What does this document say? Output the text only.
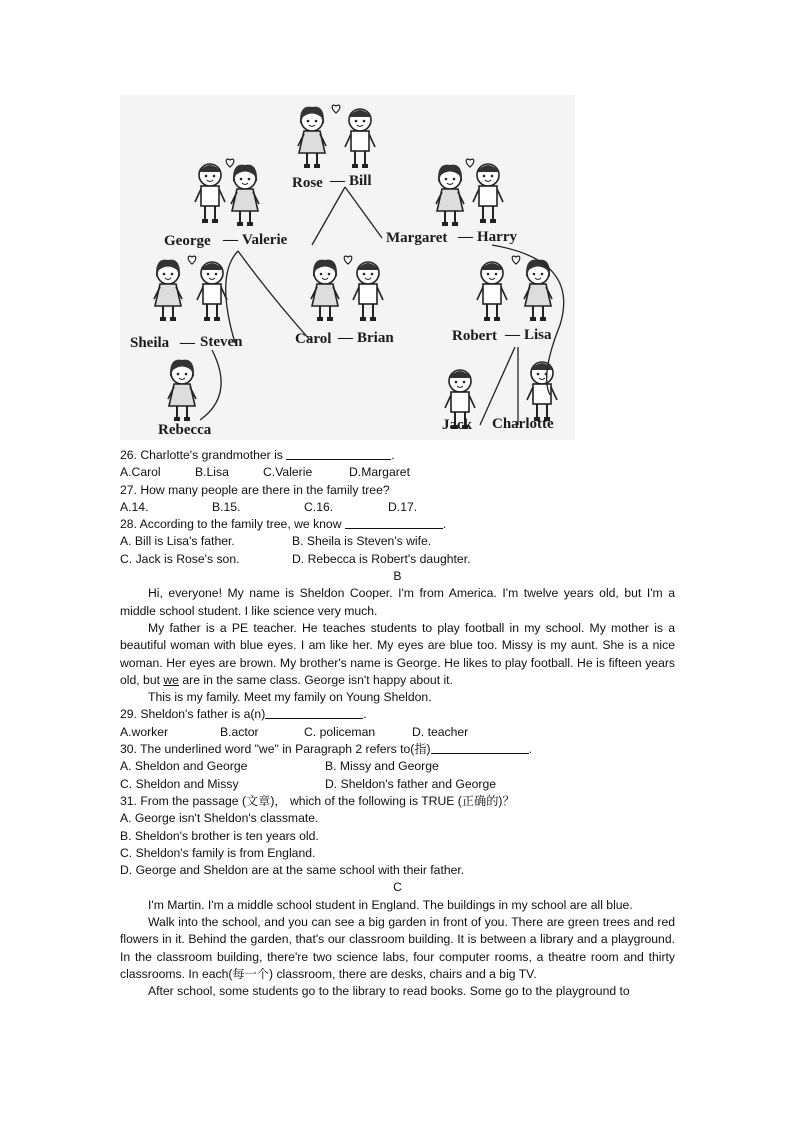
Rose — Bill
George — Valerie	Margaret — Harry
Sheila — Steven	Carol — Brian	Robert — Lisa
Rebecca	Jack Charlotte

26. Charlotte's grandmother is	.

A.Carol	B.Lisa	C.Valerie	D.Margaret

27. How many people are there in the family tree?

A.14.	B.15.	C.16.	D.17.

28. According to the family tree, we know	.

A. Bill is Lisa's father.	B. Sheila is Steven's wife.
C. Jack is Rose's son.	D. Rebecca is Robert's daughter.

B

Hi, everyone! My name is Sheldon Cooper. I'm from America. I'm twelve years old, but I'm a middle school student. I like science very much.

My father is a PE teacher. He teaches students to play football in my school. My mother is a beautiful woman with blue eyes. I am like her. My eyes are blue too. Missy is my aunt. She is a nice woman. Her eyes are brown. My brother's name is George. He likes to play football. He is fifteen years old, but we are in the same class. George isn't happy about it.

This is my family. Meet my family on Young Sheldon.

29. Sheldon's father is a(n)	.

A.worker	B.actor	C. policeman	D. teacher

30. The underlined word "we" in Paragraph 2 refers to(指)	.

A. Sheldon and George	B. Missy and George
C. Sheldon and Missy	D. Sheldon's father and George

31. From the passage (文章)， which of the following is TRUE (正确的)？

A. George isn't Sheldon's classmate.

B. Sheldon's brother is ten years old.

C. Sheldon's family is from England.

D. George and Sheldon are at the same school with their father.

C

I'm Martin. I'm a middle school student in England. The buildings in my school are all blue.

Walk into the school, and you can see a big garden in front of you. There are green trees and red flowers in it. Behind the garden, that's our classroom building. It is between a library and a playground. In the classroom building, there're two science labs, four computer rooms, a theatre room and thirty classrooms. In each(每一个) classroom, there are desks, chairs and a big TV.

After school, some students go to the library to read books. Some go to the playground to
